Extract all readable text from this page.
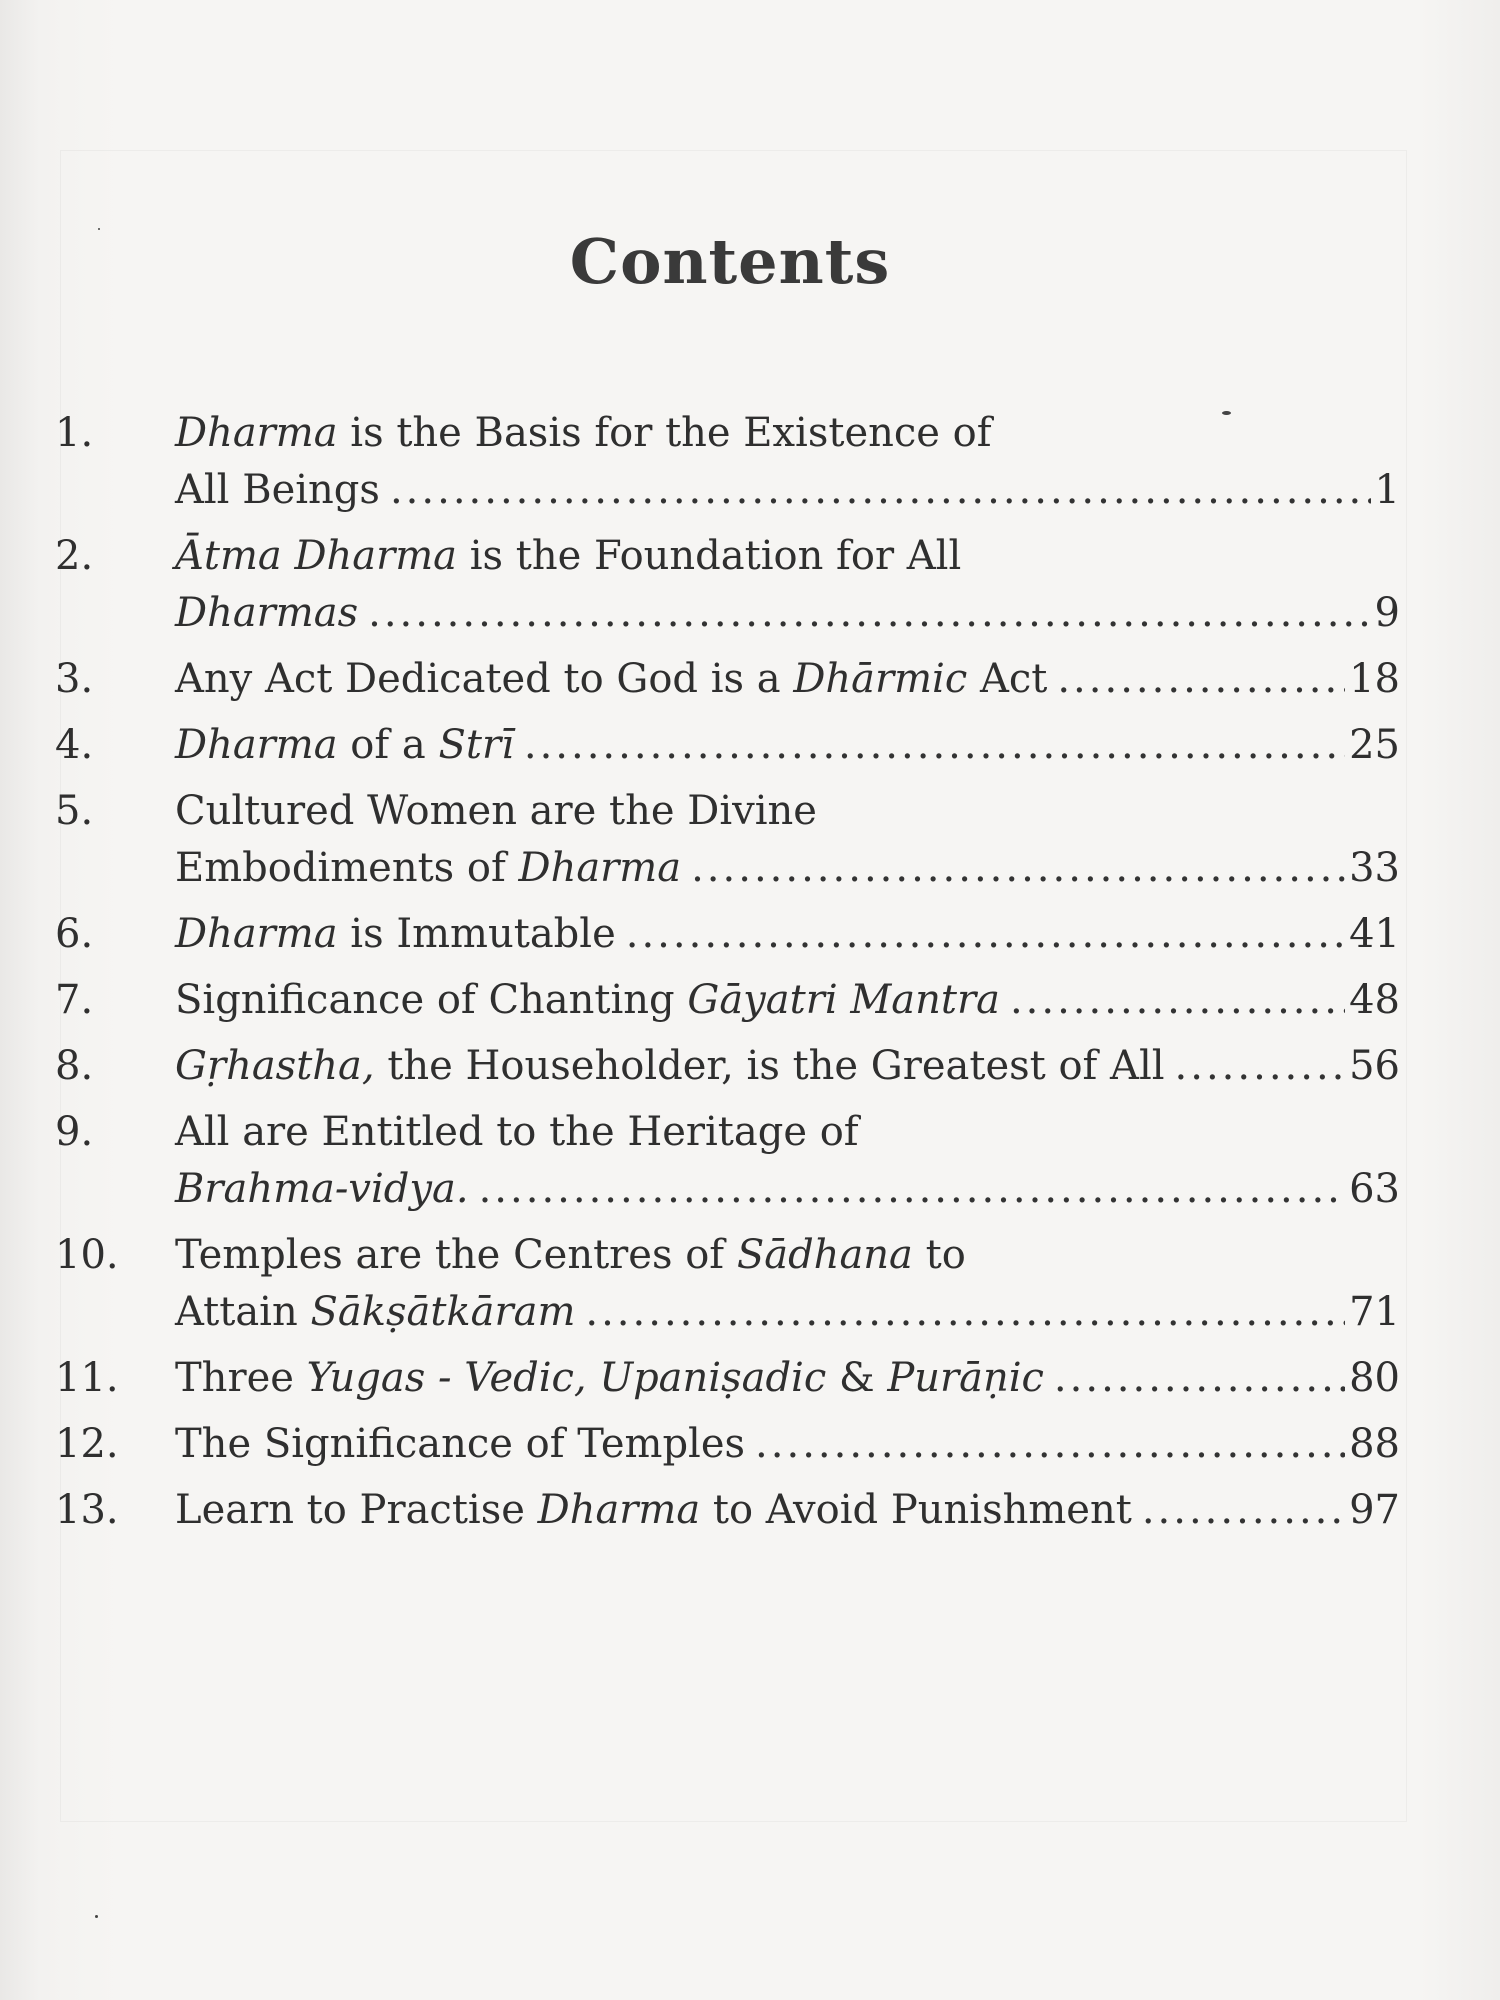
Contents
1.	Dharma is the Basis for the Existence of
All Beings .....	1
2.	Ātma Dharma is the Foundation for All
Dharmas .....	9
3.	Any Act Dedicated to God is a Dhārmic Act .....	18
4.	Dharma of a Strī .....	25
5.	Cultured Women are the Divine
Embodiments of Dharma .....	33
6.	Dharma is Immutable .....	41
7.	Significance of Chanting Gāyatri Mantra .....	48
8.	Gṛhastha, the Householder, is the Greatest of All .....	56
9.	All are Entitled to the Heritage of
Brahma-vidya. .....	63
10.	Temples are the Centres of Sādhana to
Attain Sākṣātkāram .....	71
11.	Three Yugas - Vedic, Upaniṣadic & Purāṇic .....	80
12.	The Significance of Temples .....	88
13.	Learn to Practise Dharma to Avoid Punishment .....	97
